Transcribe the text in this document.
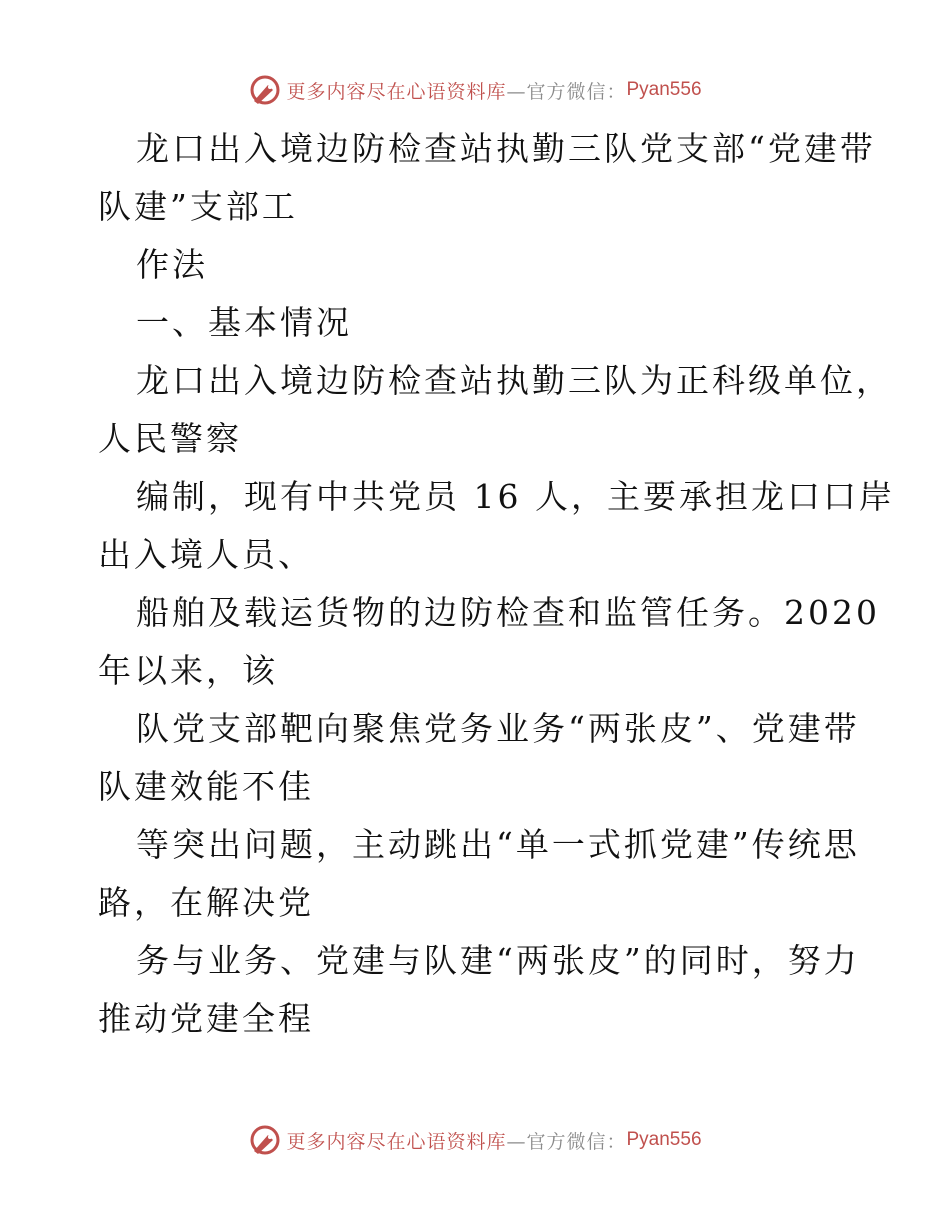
更多内容尽在心语资料库 —官方微信： Pyan556
龙口出入境边防检查站执勤三队党支部“党建带
队建”支部工
作法
一、基本情况
龙口出入境边防检查站执勤三队为正科级单位，
人民警察
编制，现有中共党员 16 人，主要承担龙口口岸
出入境人员、
船舶及载运货物的边防检查和监管任务。2020
年以来，该
队党支部靶向聚焦党务业务“两张皮”、党建带
队建效能不佳
等突出问题，主动跳出“单一式抓党建”传统思
路，在解决党
务与业务、党建与队建“两张皮”的同时，努力
推动党建全程
更多内容尽在心语资料库 —官方微信： Pyan556
